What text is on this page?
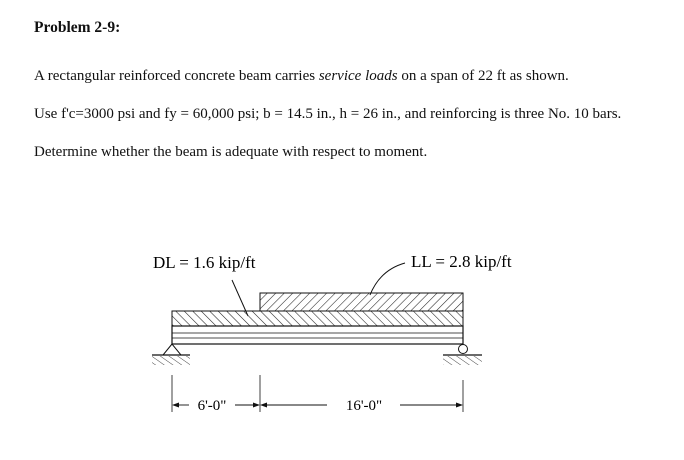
Problem 2-9:
A rectangular reinforced concrete beam carries service loads on a span of 22 ft as shown.
Use f'c=3000 psi and fy = 60,000 psi; b = 14.5 in., h = 26 in., and reinforcing is three No. 10 bars.
Determine whether the beam is adequate with respect to moment.
DL = 1.6 kip/ft	LL = 2.8 kip/ft
6'-0"	16'-0"
